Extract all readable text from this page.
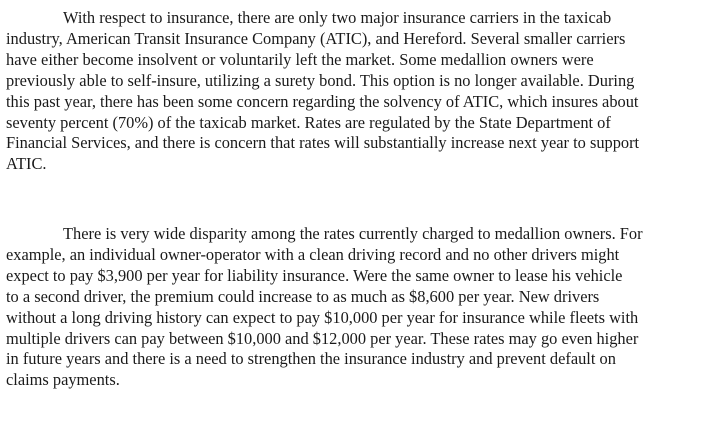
With respect to insurance, there are only two major insurance carriers in the taxicab
industry, American Transit Insurance Company (ATIC), and Hereford. Several smaller carriers
have either become insolvent or voluntarily left the market. Some medallion owners were
previously able to self-insure, utilizing a surety bond. This option is no longer available. During
this past year, there has been some concern regarding the solvency of ATIC, which insures about
seventy percent (70%) of the taxicab market. Rates are regulated by the State Department of
Financial Services, and there is concern that rates will substantially increase next year to support
ATIC.
There is very wide disparity among the rates currently charged to medallion owners. For
example, an individual owner-operator with a clean driving record and no other drivers might
expect to pay $3,900 per year for liability insurance. Were the same owner to lease his vehicle
to a second driver, the premium could increase to as much as $8,600 per year. New drivers
without a long driving history can expect to pay $10,000 per year for insurance while fleets with
multiple drivers can pay between $10,000 and $12,000 per year. These rates may go even higher
in future years and there is a need to strengthen the insurance industry and prevent default on
claims payments.
